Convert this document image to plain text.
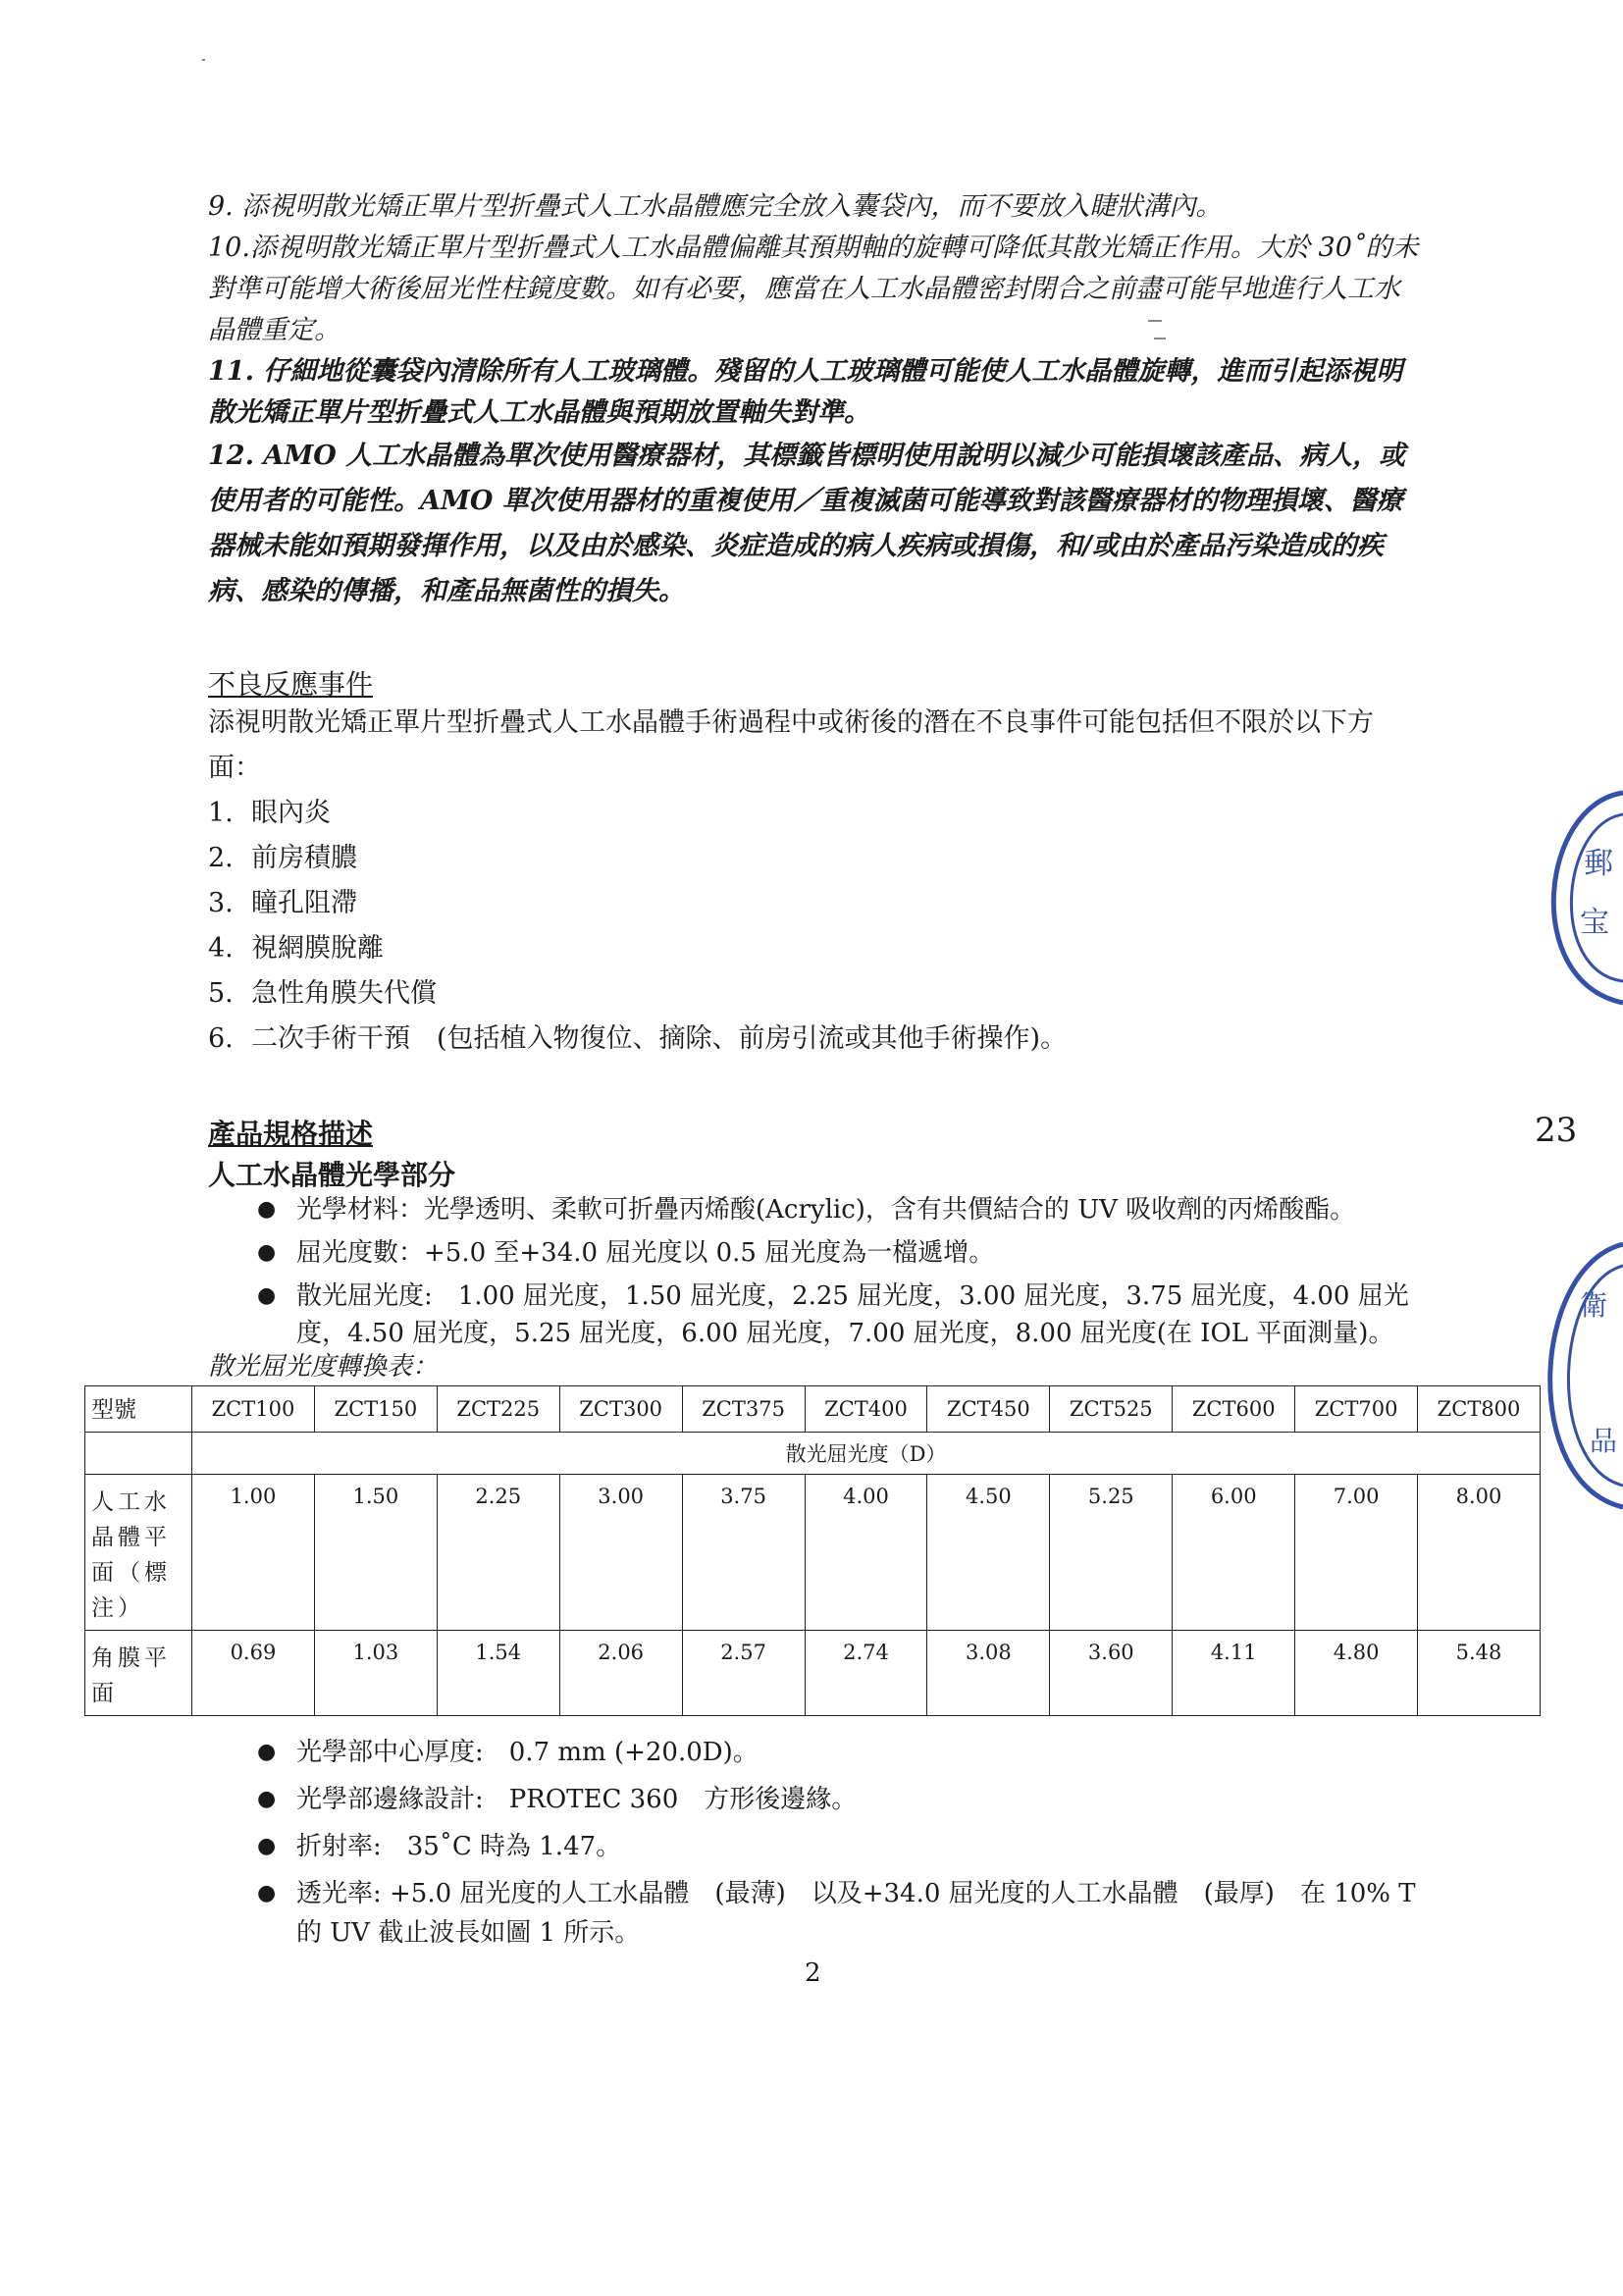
9. 添視明散光矯正單片型折疊式人工水晶體應完全放入囊袋內，而不要放入睫狀溝內。

10.添視明散光矯正單片型折疊式人工水晶體偏離其預期軸的旋轉可降低其散光矯正作用。大於 30˚的未對準可能增大術後屈光性柱鏡度數。如有必要，應當在人工水晶體密封閉合之前盡可能早地進行人工水晶體重定。

11. 仔細地從囊袋內清除所有人工玻璃體。殘留的人工玻璃體可能使人工水晶體旋轉，進而引起添視明散光矯正單片型折疊式人工水晶體與預期放置軸失對準。

12. AMO 人工水晶體為單次使用醫療器材，其標籤皆標明使用說明以減少可能損壞該產品、病人，或使用者的可能性。AMO 單次使用器材的重複使用／重複滅菌可能導致對該醫療器材的物理損壞、醫療器械未能如預期發揮作用，以及由於感染、炎症造成的病人疾病或損傷，和/或由於產品污染造成的疾病、感染的傳播，和產品無菌性的損失。

不良反應事件
添視明散光矯正單片型折疊式人工水晶體手術過程中或術後的潛在不良事件可能包括但不限於以下方面：
1. 眼內炎
2. 前房積膿
3. 瞳孔阻滯
4. 視網膜脫離
5. 急性角膜失代償
6. 二次手術干預　(包括植入物復位、摘除、前房引流或其他手術操作)。
產品規格描述
人工水晶體光學部分
● 光學材料：光學透明、柔軟可折疊丙烯酸(Acrylic)，含有共價結合的 UV 吸收劑的丙烯酸酯。
● 屈光度數：+5.0 至+34.0 屈光度以 0.5 屈光度為一檔遞增。
● 散光屈光度:　1.00 屈光度，1.50 屈光度，2.25 屈光度，3.00 屈光度，3.75 屈光度，4.00 屈光度，4.50 屈光度，5.25 屈光度，6.00 屈光度，7.00 屈光度，8.00 屈光度(在 IOL 平面測量)。
散光屈光度轉換表：
型號	ZCT100	ZCT150	ZCT225	ZCT300	ZCT375	ZCT400	ZCT450	ZCT525	ZCT600	ZCT700	ZCT800
	散光屈光度（D）										
人工水晶體平面（標注）	1.00	1.50	2.25	3.00	3.75	4.00	4.50	5.25	6.00	7.00	8.00
角膜平面	0.69	1.03	1.54	2.06	2.57	2.74	3.08	3.60	4.11	4.80	5.48
● 光學部中心厚度:　0.7 mm (+20.0D)。
● 光學部邊緣設計:　PROTEC 360　方形後邊緣。
● 折射率:　35˚C 時為 1.47。
● 透光率: +5.0 屈光度的人工水晶體　(最薄)　以及+34.0 屈光度的人工水晶體　(最厚)　在 10% T 的 UV 截止波長如圖 1 所示。
2
23
郵
宝
衛
品
